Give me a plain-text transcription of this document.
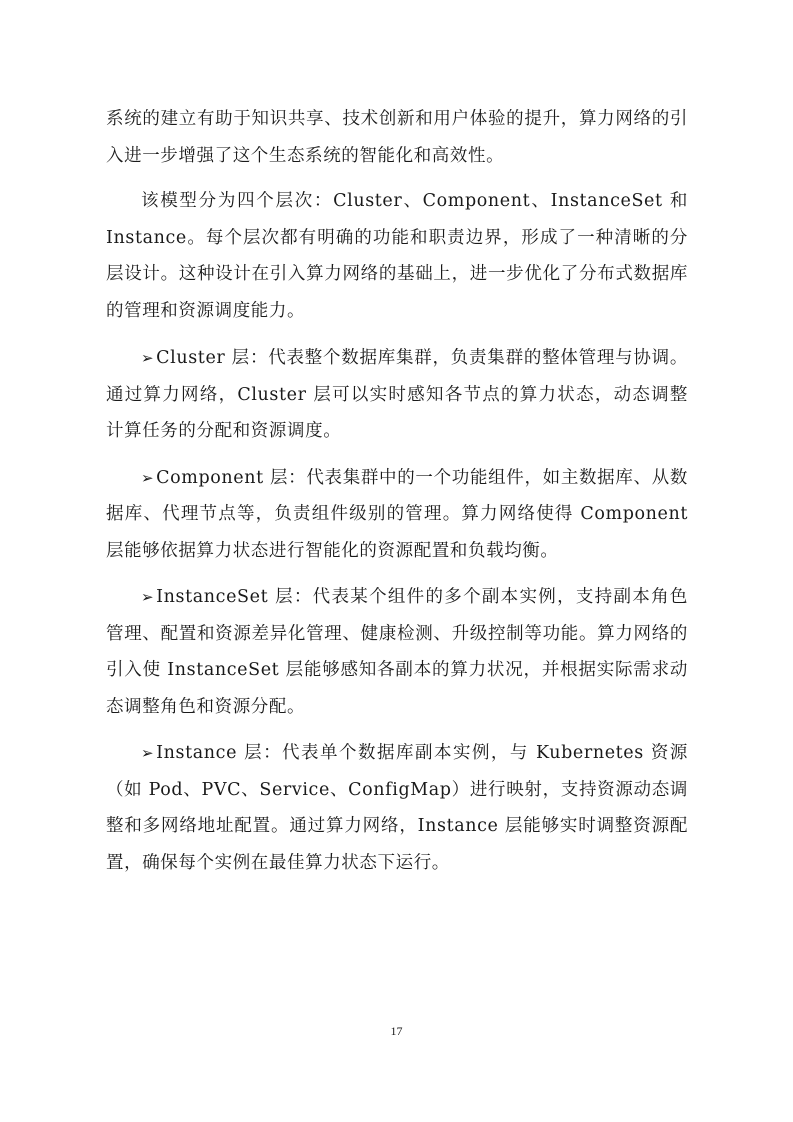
系统的建立有助于知识共享、技术创新和用户体验的提升，算力网络的引入进一步增强了这个生态系统的智能化和高效性。

该模型分为四个层次：Cluster、Component、InstanceSet 和 Instance。每个层次都有明确的功能和职责边界，形成了一种清晰的分层设计。这种设计在引入算力网络的基础上，进一步优化了分布式数据库的管理和资源调度能力。

➢ Cluster 层：代表整个数据库集群，负责集群的整体管理与协调。通过算力网络，Cluster 层可以实时感知各节点的算力状态，动态调整计算任务的分配和资源调度。

➢ Component 层：代表集群中的一个功能组件，如主数据库、从数据库、代理节点等，负责组件级别的管理。算力网络使得 Component 层能够依据算力状态进行智能化的资源配置和负载均衡。

➢ InstanceSet 层：代表某个组件的多个副本实例，支持副本角色管理、配置和资源差异化管理、健康检测、升级控制等功能。算力网络的引入使 InstanceSet 层能够感知各副本的算力状况，并根据实际需求动态调整角色和资源分配。

➢ Instance 层：代表单个数据库副本实例，与 Kubernetes 资源（如 Pod、PVC、Service、ConfigMap）进行映射，支持资源动态调整和多网络地址配置。通过算力网络，Instance 层能够实时调整资源配置，确保每个实例在最佳算力状态下运行。

17
